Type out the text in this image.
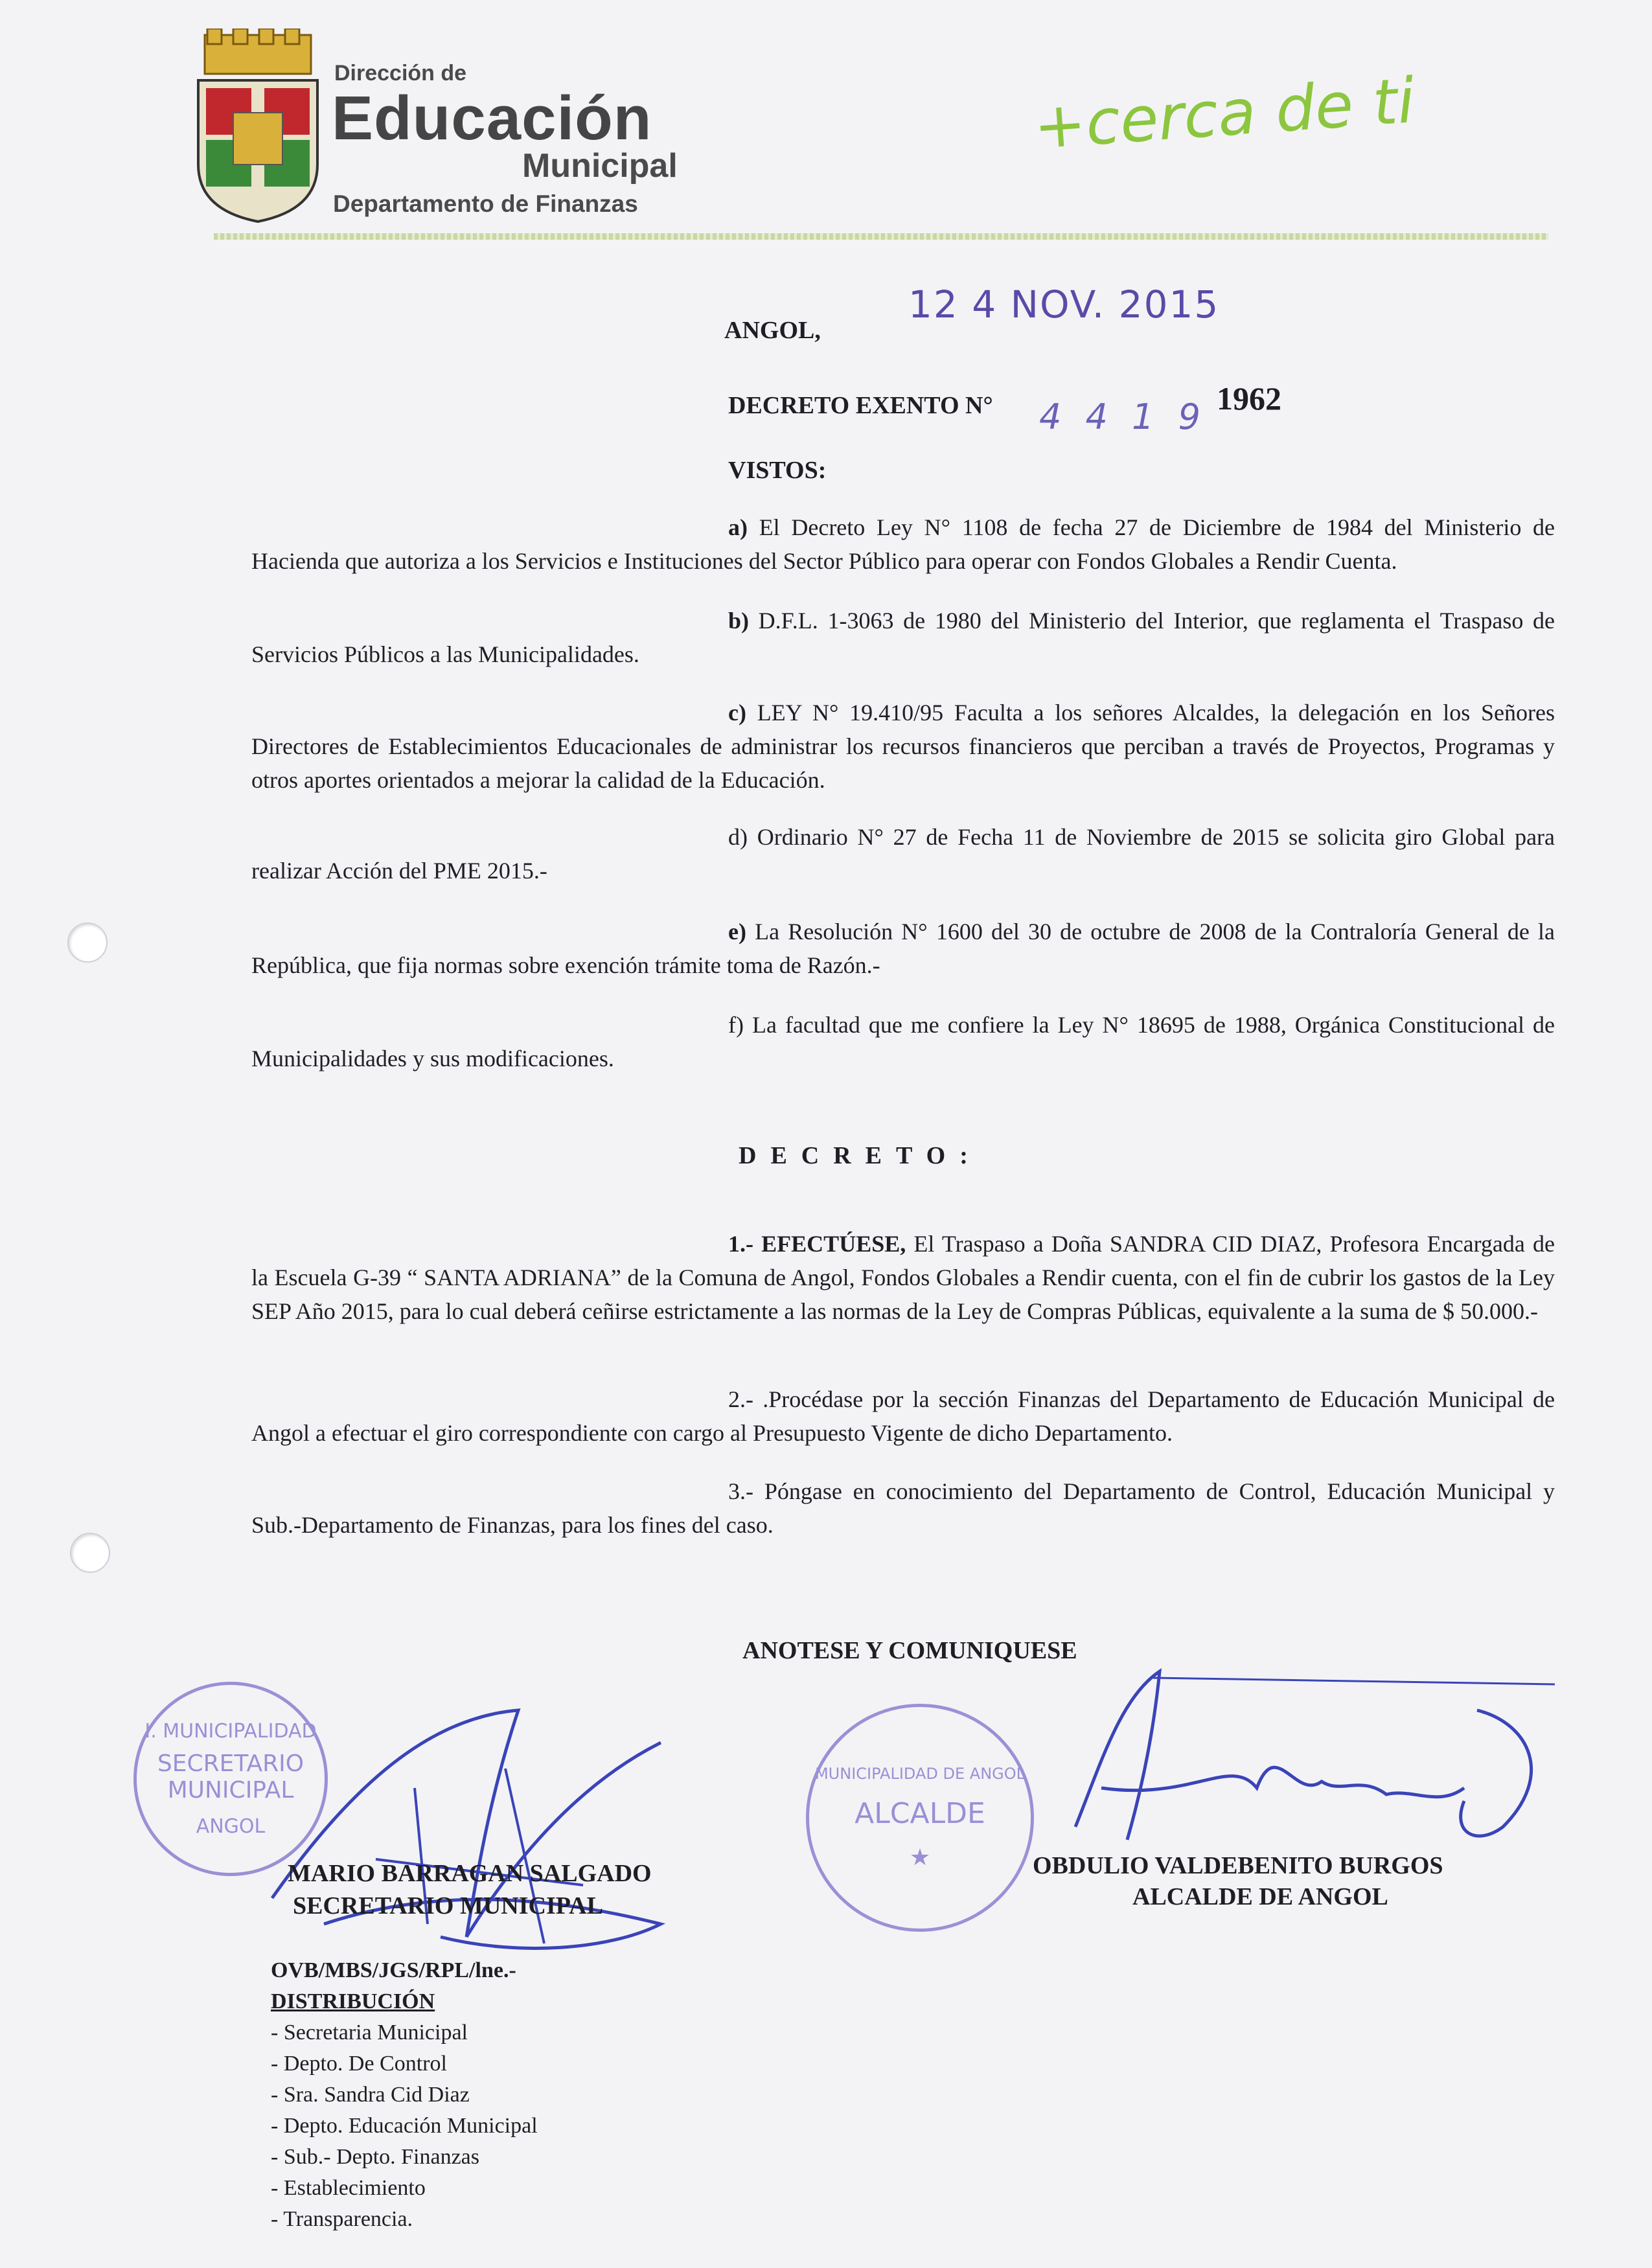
Dirección de
Educación
Municipal
Departamento de Finanzas
+cerca de ti
ANGOL,
12 4 NOV. 2015
DECRETO EXENTO N° 4 4 1 9 1962
VISTOS:
a) El Decreto Ley N° 1108 de fecha 27 de Diciembre de 1984 del Ministerio de Hacienda que autoriza a los Servicios e Instituciones del Sector Público para operar con Fondos Globales a Rendir Cuenta.
b) D.F.L. 1-3063 de 1980 del Ministerio del Interior, que reglamenta el Traspaso de Servicios Públicos a las Municipalidades.
c) LEY N° 19.410/95 Faculta a los señores Alcaldes, la delegación en los Señores Directores de Establecimientos Educacionales de administrar los recursos financieros que perciban a través de Proyectos, Programas y otros aportes orientados a mejorar la calidad de la Educación.
d) Ordinario N° 27 de Fecha 11 de Noviembre de 2015 se solicita giro Global para realizar Acción del PME 2015.-
e) La Resolución N° 1600 del 30 de octubre de 2008 de la Contraloría General de la República, que fija normas sobre exención trámite toma de Razón.-
f) La facultad que me confiere la Ley N° 18695 de 1988, Orgánica Constitucional de Municipalidades y sus modificaciones.
DECRETO:
1.- EFECTÚESE, El Traspaso a Doña SANDRA CID DIAZ, Profesora Encargada de la Escuela G-39 “ SANTA ADRIANA” de la Comuna de Angol, Fondos Globales a Rendir cuenta, con el fin de cubrir los gastos de la Ley SEP Año 2015, para lo cual deberá ceñirse estrictamente a las normas de la Ley de Compras Públicas, equivalente a la suma de $ 50.000.-
2.- .Procédase por la sección Finanzas del Departamento de Educación Municipal de Angol a efectuar el giro correspondiente con cargo al Presupuesto Vigente de dicho Departamento.
3.- Póngase en conocimiento del Departamento de Control, Educación Municipal y Sub.-Departamento de Finanzas, para los fines del caso.
ANOTESE Y COMUNIQUESE
I. MUNICIPALIDAD
SECRETARIO
MUNICIPAL
ANGOL
MARIO BARRAGAN SALGADO
SECRETARIO MUNICIPAL
MUNICIPALIDAD DE ANGOL
ALCALDE
★	OBDULIO VALDEBENITO BURGOS
ALCALDE DE ANGOL
OVB/MBS/JGS/RPL/lne.-
DISTRIBUCIÓN
- Secretaria Municipal
- Depto. De Control
- Sra. Sandra Cid Diaz
- Depto. Educación Municipal
- Sub.- Depto. Finanzas
- Establecimiento
- Transparencia.
